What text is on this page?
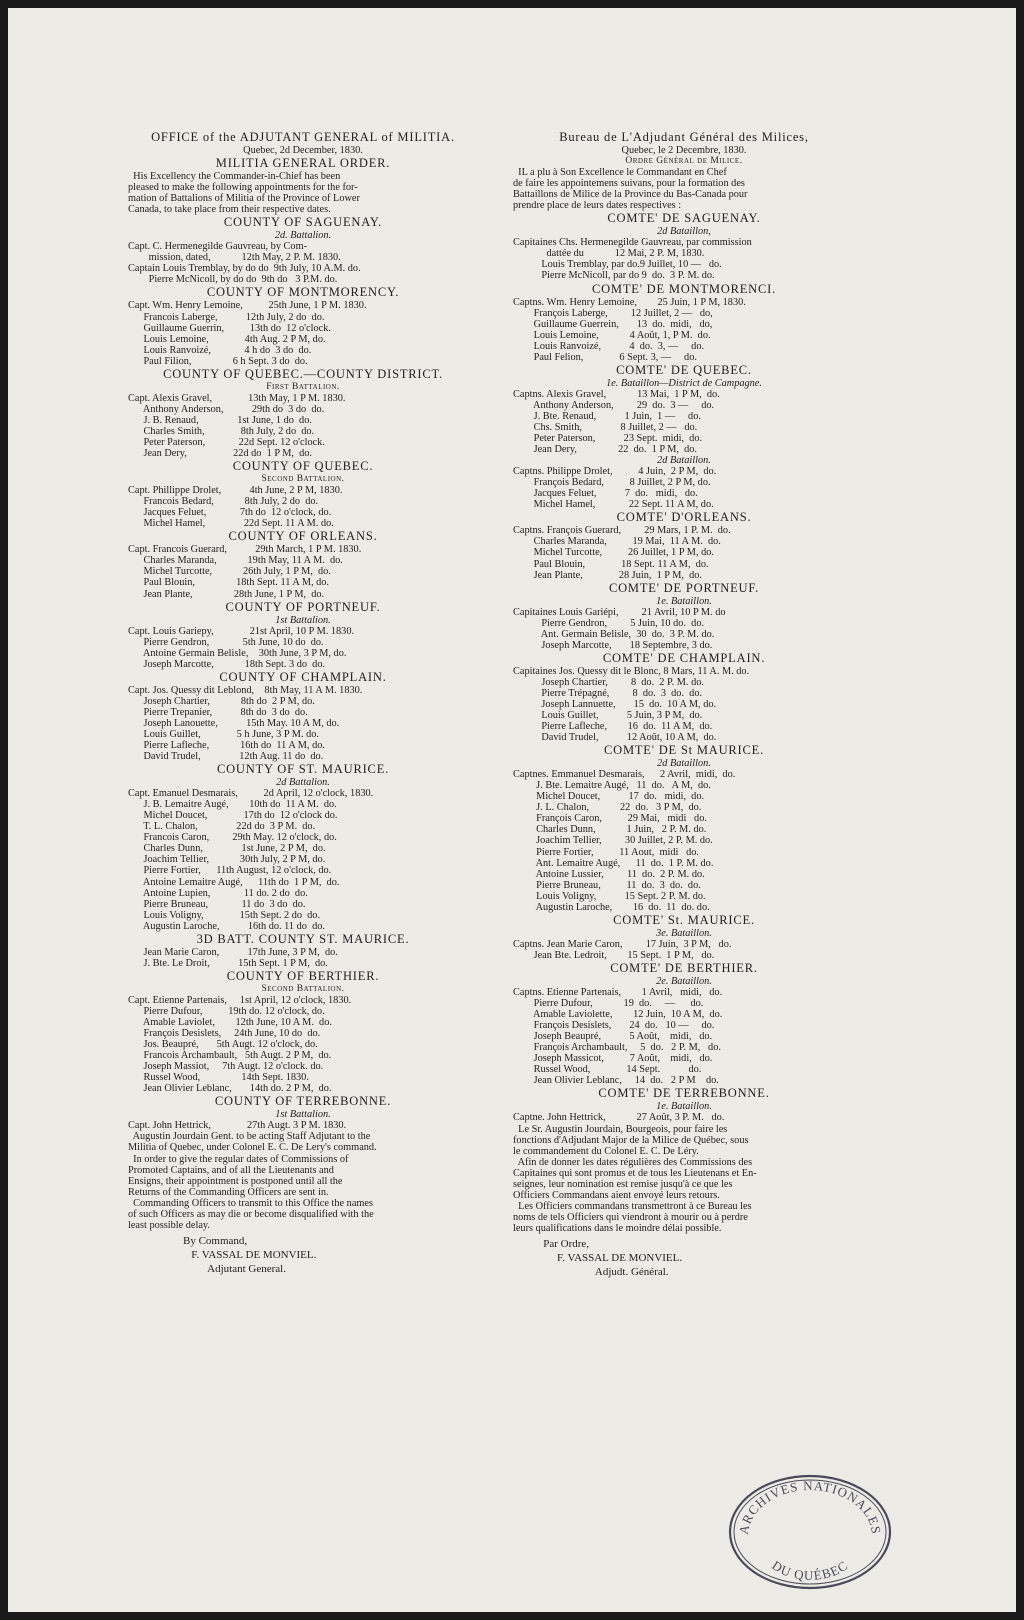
OFFICE of the ADJUTANT GENERAL of MILITIA.
Quebec, 2d December, 1830.
MILITIA GENERAL ORDER.
His Excellency the Commander-in-Chief has been
pleased to make the following appointments for the for-
mation of Battalions of Militia of the Province of Lower
Canada, to take place from their respective dates.
COUNTY OF SAGUENAY.
2d. Battalion.
Capt. C. Hermenegilde Gauvreau, by Com-
mission, dated,            12th May, 2 P. M. 1830.
Captain Louis Tremblay, by do do  9th July, 10 A.M. do.
Pierre McNicoll, by do do  9th do   3 P.M. do.
COUNTY OF MONTMORENCY.
Capt. Wm. Henry Lemoine,          25th June, 1 P M. 1830.
Francois Laberge,           12th July, 2 do  do.
Guillaume Guerrin,          13th do  12 o'clock.
Louis Lemoine,              4th Aug. 2 P M, do.
Louis Ranvoizé,             4 h do  3 do  do.
Paul Filion,                6 h Sept. 3 do  do.
COUNTY OF QUEBEC.—COUNTY DISTRICT.
First Battalion.
Capt. Alexis Gravel,              13th May, 1 P M. 1830.
Anthony Anderson,           29th do  3 do  do.
J. B. Renaud,               1st June, 1 do  do.
Charles Smith,              8th July, 2 do  do.
Peter Paterson,             22d Sept. 12 o'clock.
Jean Dery,                  22d do  1 P M,  do.
COUNTY OF QUEBEC.
Second Battalion.
Capt. Phillippe Drolet,           4th June, 2 P M, 1830.
Francois Bedard,            8th July, 2 do  do.
Jacques Feluet,             7th do  12 o'clock, do.
Michel Hamel,               22d Sept. 11 A M. do.
COUNTY OF ORLEANS.
Capt. Francois Guerard,           29th March, 1 P M. 1830.
Charles Maranda,            19th May, 11 A M.  do.
Michel Turcotte,            26th July, 1 P M,  do.
Paul Blouin,                18th Sept. 11 A M, do.
Jean Plante,                28th June, 1 P M,  do.
COUNTY OF PORTNEUF.
1st Battalion.
Capt. Louis Gariepy,              21st April, 10 P M. 1830.
Pierre Gendron,             5th June, 10 do  do.
Antoine Germain Belisle,    30th June, 3 P M, do.
Joseph Marcotte,            18th Sept. 3 do  do.
COUNTY OF CHAMPLAIN.
Capt. Jos. Quessy dit Leblond,    8th May, 11 A M. 1830.
Joseph Chartier,            8th do  2 P M, do.
Pierre Trepanier,           8th do  3 do  do.
Joseph Lanouette,           15th May. 10 A M, do.
Louis Guillet,              5 h June, 3 P M. do.
Pierre Lafleche,            16th do  11 A M, do.
David Trudel,               12th Aug. 11 do  do.
COUNTY OF ST. MAURICE.
2d Battalion.
Capt. Emanuel Desmarais,          2d April, 12 o'clock, 1830.
J. B. Lemaitre Augé,        10th do  11 A M.  do.
Michel Doucet,              17th do  12 o'clock do.
T. L. Chalon,               22d do  3 P M.  do.
Francois Caron,         29th May. 12 o'clock, do.
Charles Dunn,               1st June, 2 P M,  do.
Joachim Tellier,            30th July, 2 P M, do.
Pierre Fortier,      11th August, 12 o'clock, do.
Antoine Lemaitre Augé,      11th do  1 P M,  do.
Antoine Lupien,             11 do. 2 do  do.
Pierre Bruneau,             11 do  3 do  do.
Louis Voligny,              15th Sept. 2 do  do.
Augustin Laroche,           16th do. 11 do  do.
3D BATT. COUNTY ST. MAURICE.
Jean Marie Caron,           17th June, 3 P M,  do.
J. Bte. Le Droit,           15th Sept. 1 P M,  do.
COUNTY OF BERTHIER.
Second Battalion.
Capt. Etienne Partenais,     1st April, 12 o'clock, 1830.
Pierre Dufour,          19th do. 12 o'clock, do.
Amable Laviolet,        12th June, 10 A M.  do.
François Desislets,     24th June, 10 do  do.
Jos. Beaupré,       5th Augt. 12 o'clock, do.
Francois Archambault,   5th Augt. 2 P M,  do.
Joseph Massiot,     7th Augt. 12 o'clock. do.
Russel Wood,                14th Sept. 1830.
Jean Olivier Leblanc,       14th do. 2 P M,  do.
COUNTY OF TERREBONNE.
1st Battalion.
Capt. John Hettrick,              27th Augt. 3 P M. 1830.
Augustin Jourdain Gent. to be acting Staff Adjutant to the
Militia of Quebec, under Colonel E. C. De Lery's command.
In order to give the regular dates of Commissions of
Promoted Captains, and of all the Lieutenants and
Ensigns, their appointment is postponed until all the
Returns of the Commanding Officers are sent in.
Commanding Officers to transmit to this Office the names
of such Officers as may die or become disqualified with the
least possible delay.
By Command,
F. VASSAL DE MONVIEL.
Adjutant General.
Bureau de L'Adjudant Général des Milices,
Quebec, le 2 Decembre, 1830.
Ordre Général de Milice.
IL a plu à Son Excellence le Commandant en Chef
de faire les appointemens suivans, pour la formation des
Battaillons de Milice de la Province du Bas-Canada pour
prendre place de leurs dates respectives :
COMTE' DE SAGUENAY.
2d Bataillon,
Capitaines Chs. Hermenegilde Gauvreau, par commission
dattée du            12 Mai, 2 P. M, 1830.
Louis Tremblay, par do.9 Juillet, 10 —   do.
Pierre McNicoll, par do 9  do.  3 P. M. do.
COMTE' DE MONTMORENCI.
Captns. Wm. Henry Lemoine,        25 Juin, 1 P M, 1830.
François Laberge,         12 Juillet, 2 —   do,
Guillaume Guerrein,       13  do.  midi,   do,
Louis Lemoine,            4 Août, 1, P M.  do.
Louis Ranvoizé,           4  do.  3, —     do.
Paul Felion,              6 Sept. 3, —     do.
COMTE' DE QUEBEC.
1e. Bataillon—District de Campagne.
Captns. Alexis Gravel,            13 Mai,  1 P M,  do.
Anthony Anderson,         29  do.  3 —     do.
J. Bte. Renaud,           1 Juin,  1 —     do.
Chs. Smith,               8 Juillet, 2 —   do.
Peter Paterson,           23 Sept.  midi,  do.
Jean Dery,                22  do.  1 P M,  do.
2d Bataillon.
Captns. Philippe Drolet,          4 Juin,  2 P M,  do.
François Bedard,          8 Juillet, 2 P M, do.
Jacques Feluet,           7  do.   midi,   do.
Michel Hamel,             22 Sept. 11 A M, do.
COMTE' D'ORLEANS.
Captns. François Guerard,         29 Mars, 1 P. M.  do.
Charles Maranda,          19 Mai,  11 A M.  do.
Michel Turcotte,          26 Juillet, 1 P M, do.
Paul Blouin,              18 Sept. 11 A M,  do.
Jean Plante,              28 Juin,  1 P M,  do.
COMTE' DE PORTNEUF.
1e. Bataillon.
Capitaines Louis Gariépi,         21 Avril, 10 P M. do
Pierre Gendron,         5 Juin, 10 do.  do.
Ant. Germain Belisle,  30  do.  3 P. M. do.
Joseph Marcotte,       18 Septembre, 3 do.
COMTE' DE CHAMPLAIN.
Capitaines Jos. Quessy dit le Blonc, 8 Mars, 11 A. M. do.
Joseph Chartier,         8  do.  2 P. M. do.
Pierre Trépagné,         8  do.  3  do.  do.
Joseph Lannuette,       15  do.  10 A M, do.
Louis Guillet,           5 Juin, 3 P M,  do.
Pierre Lafleche,        16  do.  11 A M,  do.
David Trudel,           12 Août, 10 A M,  do.
COMTE' DE St MAURICE.
2d Bataillon.
Captnes. Emmanuel Desmarais,      2 Avril,  midi,  do.
J. Bte. Lemaitre Augé,   11  do.   A M,  do.
Michel Doucet,           17  do.   midi,  do.
J. L. Chalon,            22  do.   3 P M,  do.
François Caron,          29 Mai,   midi   do.
Charles Dunn,            1 Juin,   2 P. M. do.
Joachim Tellier,         30 Juillet, 2 P. M. do.
Pierre Fortier,          11 Aout,  midi   do.
Ant. Lemaitre Augé,      11  do.  1 P. M. do.
Antoine Lussier,         11  do.  2 P. M. do.
Pierre Bruneau,          11  do.  3  do.  do.
Louis Voligny,           15 Sept. 2 P. M. do.
Augustin Laroche,        16  do.  11  do. do.
COMTE' St. MAURICE.
3e. Bataillon.
Captns. Jean Marie Caron,         17 Juin,  3 P M,   do.
Jean Bte. Ledroit,        15 Sept.  1 P M,   do.
COMTE' DE BERTHIER.
2e. Bataillon.
Captns. Etienne Partenais,        1 Avril,   midi,   do.
Pierre Dufour,            19  do.     —      do.
Amable Laviolette,        12 Juin,  10 A M,  do.
François Desislets,       24  do.   10 —     do.
Joseph Beaupré,           5 Août,    midi,   do.
François Archambault,     5  do.   2 P. M,   do.
Joseph Massicot,          7 Août,    midi,   do.
Russel Wood,              14 Sept.           do.
Jean Olivier Leblanc,     14  do.   2 P M    do.
COMTE' DE TERREBONNE.
1e. Bataillon.
Captne. John Hettrick,            27 Août, 3 P. M.   do.
Le Sr. Augustin Jourdain, Bourgeois, pour faire les
fonctions d'Adjudant Major de la Milice de Québec, sous
le commandement du Colonel E. C. De Léry.
Afin de donner les dates régulières des Commissions des
Capitaines qui sont promus et de tous les Lieutenans et En-
seignes, leur nomination est remise jusqu'à ce que les
Officiers Commandans aient envoyé leurs retours.
Les Officiers commandans transmettront à ce Bureau les
noms de tels Officiers qui viendront à mourir ou à perdre
leurs qualifications dans le moindre délai possible.
Par Ordre,
F. VASSAL DE MONVIEL.
Adjudt. Général.
ARCHIVES NATIONALES
DU QUÉBEC
